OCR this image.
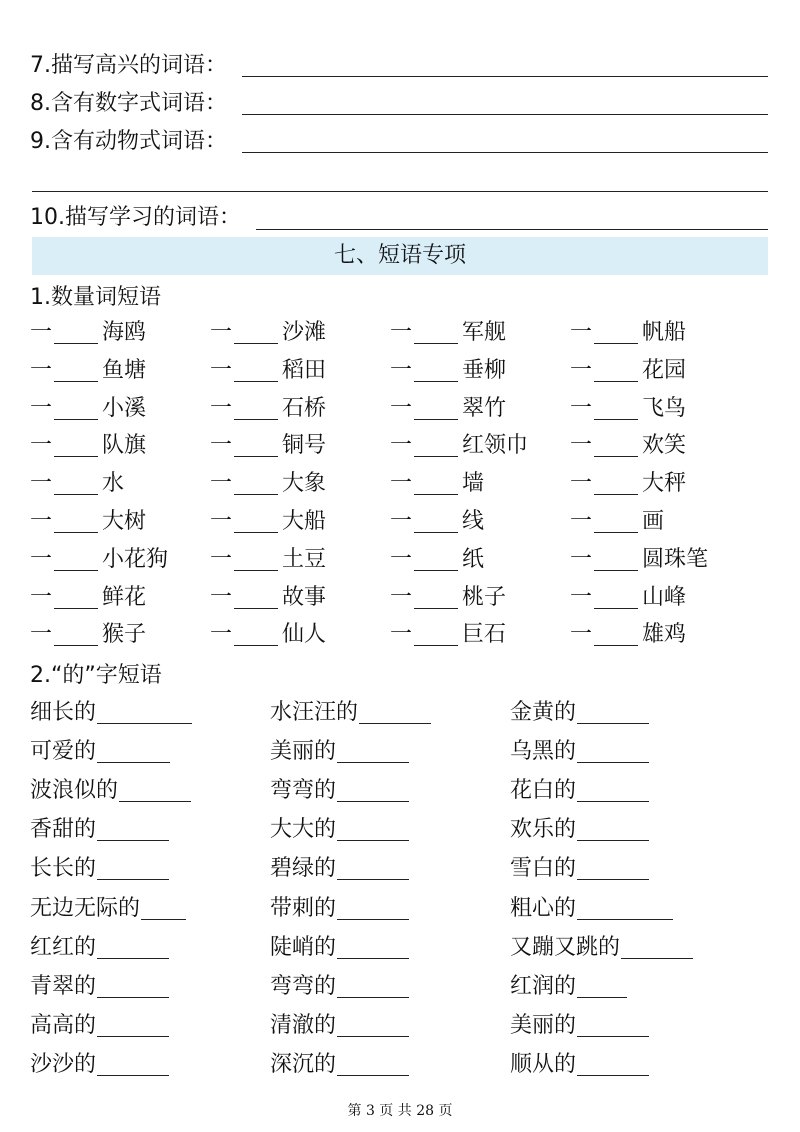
7.描写高兴的词语：
8.含有数字式词语：
9.含有动物式词语：
10.描写学习的词语：
七、短语专项
1.数量词短语
一 海鸥	一 沙滩	一 军舰	一 帆船
一 鱼塘	一 稻田	一 垂柳	一 花园
一 小溪	一 石桥	一 翠竹	一 飞鸟
一 队旗	一 铜号	一 红领巾 一 欢笑
一 水	一 大象	一 墙	一 大秤
一 大树	一 大船	一 线	一 画
一 小花狗 一 土豆	一 纸	一 圆珠笔
一 鲜花	一 故事	一 桃子	一 山峰
一 猴子	一 仙人	一 巨石	一 雄鸡
2.“的”字短语
细长的	水汪汪的	金黄的
可爱的	美丽的	乌黑的
波浪似的	弯弯的	花白的
香甜的	大大的	欢乐的
长长的	碧绿的	雪白的
无边无际的	带刺的	粗心的
红红的	陡峭的	又蹦又跳的
青翠的	弯弯的	红润的
高高的	清澈的	美丽的
沙沙的	深沉的	顺从的
第 3 页 共 28 页
